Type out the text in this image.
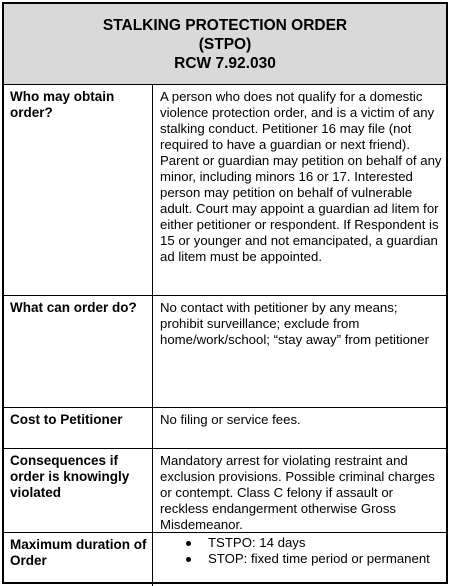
STALKING PROTECTION ORDER
(STPO)
RCW 7.92.030
Who may obtain order?
A person who does not qualify for a domestic violence protection order, and is a victim of any stalking conduct. Petitioner 16 may file (not required to have a guardian or next friend). Parent or guardian may petition on behalf of any minor, including minors 16 or 17. Interested person may petition on behalf of vulnerable adult. Court may appoint a guardian ad litem for either petitioner or respondent. If Respondent is 15 or younger and not emancipated, a guardian ad litem must be appointed.
What can order do?	No contact with petitioner by any means; prohibit surveillance; exclude from home/work/school; “stay away” from petitioner
Cost to Petitioner	No filing or service fees.
Consequences if order is knowingly violated
Mandatory arrest for violating restraint and exclusion provisions. Possible criminal charges or contempt. Class C felony if assault or reckless endangerment otherwise Gross Misdemeanor.
Maximum duration of Order
TSTPO: 14 days
STOP: fixed time period or permanent
